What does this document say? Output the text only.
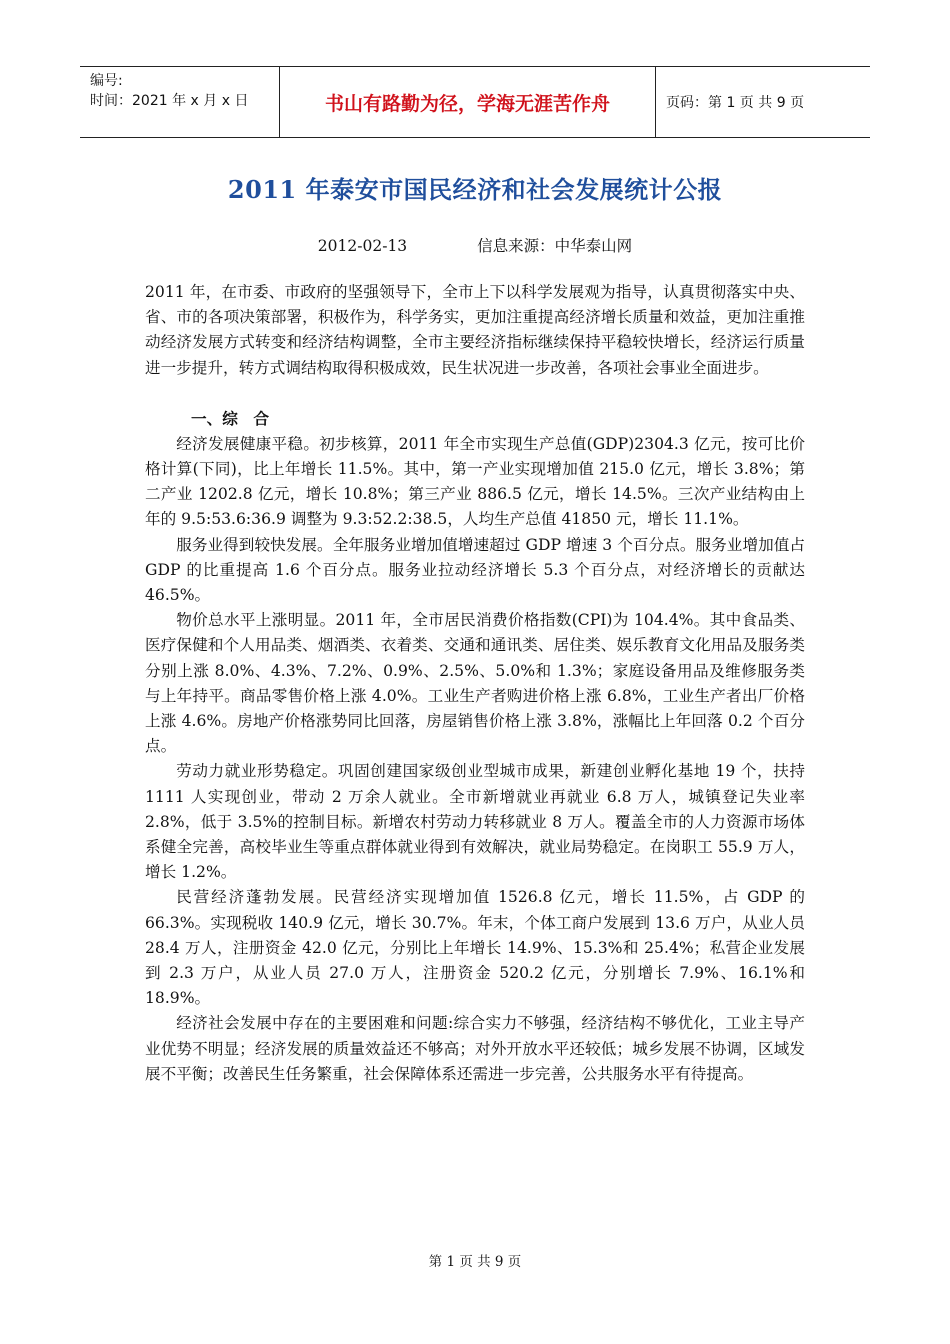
编号:
时间：2021 年 x 月 x 日	书山有路勤为径，学海无涯苦作舟	页码：第 1 页 共 9 页
2011 年泰安市国民经济和社会发展统计公报
2012-02-13	信息来源：中华泰山网

2011 年，在市委、市政府的坚强领导下，全市上下以科学发展观为指导，认真贯彻落实中央、省、市的各项决策部署，积极作为，科学务实，更加注重提高经济增长质量和效益，更加注重推动经济发展方式转变和经济结构调整，全市主要经济指标继续保持平稳较快增长，经济运行质量进一步提升，转方式调结构取得积极成效，民生状况进一步改善，各项社会事业全面进步。

一、综　合

经济发展健康平稳。初步核算，2011 年全市实现生产总值(GDP)2304.3 亿元，按可比价格计算(下同)，比上年增长 11.5%。其中，第一产业实现增加值 215.0 亿元，增长 3.8%；第二产业 1202.8 亿元，增长 10.8%；第三产业 886.5 亿元，增长 14.5%。三次产业结构由上年的 9.5:53.6:36.9 调整为 9.3:52.2:38.5，人均生产总值 41850 元，增长 11.1%。

服务业得到较快发展。全年服务业增加值增速超过 GDP 增速 3 个百分点。服务业增加值占 GDP 的比重提高 1.6 个百分点。服务业拉动经济增长 5.3 个百分点，对经济增长的贡献达 46.5%。

物价总水平上涨明显。2011 年，全市居民消费价格指数(CPI)为 104.4%。其中食品类、医疗保健和个人用品类、烟酒类、衣着类、交通和通讯类、居住类、娱乐教育文化用品及服务类分别上涨 8.0%、4.3%、7.2%、0.9%、2.5%、5.0%和 1.3%；家庭设备用品及维修服务类与上年持平。商品零售价格上涨 4.0%。工业生产者购进价格上涨 6.8%，工业生产者出厂价格上涨 4.6%。房地产价格涨势同比回落，房屋销售价格上涨 3.8%，涨幅比上年回落 0.2 个百分点。

劳动力就业形势稳定。巩固创建国家级创业型城市成果，新建创业孵化基地 19 个，扶持 1111 人实现创业，带动 2 万余人就业。全市新增就业再就业 6.8 万人，城镇登记失业率 2.8%，低于 3.5%的控制目标。新增农村劳动力转移就业 8 万人。覆盖全市的人力资源市场体系健全完善，高校毕业生等重点群体就业得到有效解决，就业局势稳定。在岗职工 55.9 万人，增长 1.2%。

民营经济蓬勃发展。民营经济实现增加值 1526.8 亿元，增长 11.5%，占 GDP 的 66.3%。实现税收 140.9 亿元，增长 30.7%。年末，个体工商户发展到 13.6 万户，从业人员 28.4 万人，注册资金 42.0 亿元，分别比上年增长 14.9%、15.3%和 25.4%；私营企业发展到 2.3 万户，从业人员 27.0 万人，注册资金 520.2 亿元，分别增长 7.9%、16.1%和 18.9%。

经济社会发展中存在的主要困难和问题:综合实力不够强，经济结构不够优化，工业主导产业优势不明显；经济发展的质量效益还不够高；对外开放水平还较低；城乡发展不协调，区域发展不平衡；改善民生任务繁重，社会保障体系还需进一步完善，公共服务水平有待提高。

第 1 页 共 9 页
